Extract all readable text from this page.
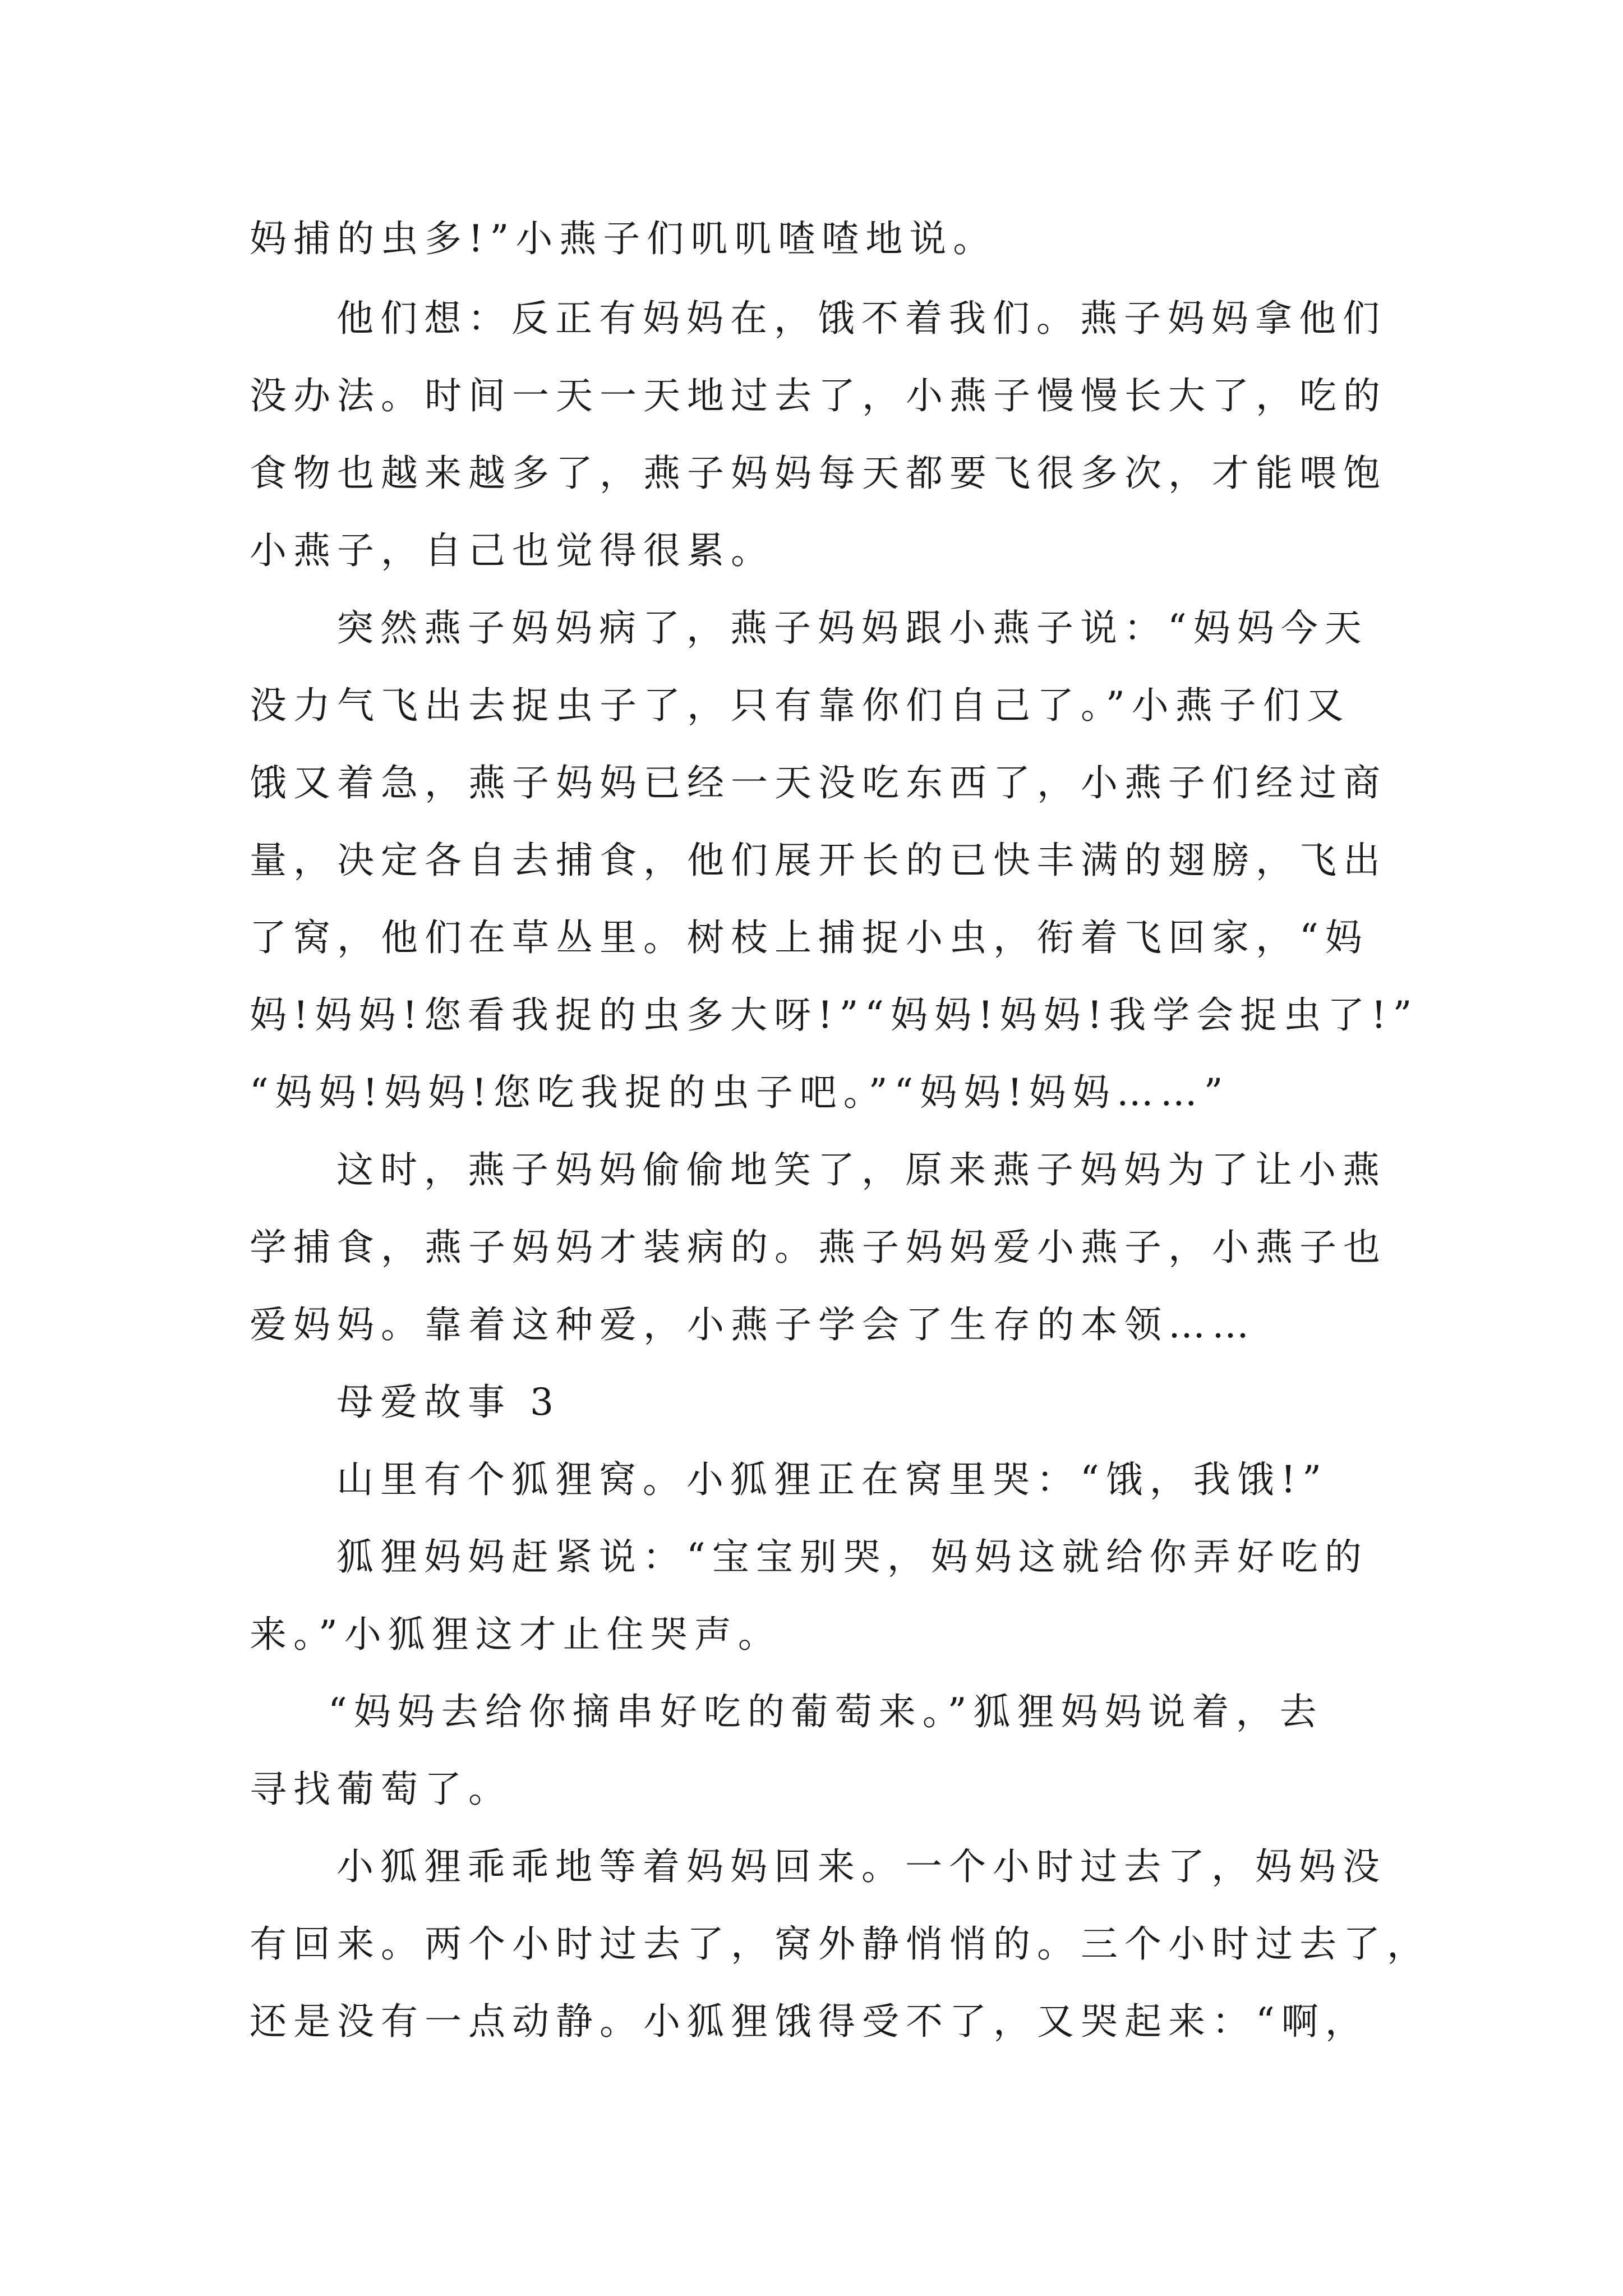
妈捕的虫多!”小燕子们叽叽喳喳地说。
他们想：反正有妈妈在，饿不着我们。燕子妈妈拿他们
没办法。时间一天一天地过去了，小燕子慢慢长大了，吃的
食物也越来越多了，燕子妈妈每天都要飞很多次，才能喂饱
小燕子，自己也觉得很累。
突然燕子妈妈病了，燕子妈妈跟小燕子说：“妈妈今天
没力气飞出去捉虫子了，只有靠你们自己了。”小燕子们又
饿又着急，燕子妈妈已经一天没吃东西了，小燕子们经过商
量，决定各自去捕食，他们展开长的已快丰满的翅膀，飞出
了窝，他们在草丛里。树枝上捕捉小虫，衔着飞回家，“妈
妈!妈妈!您看我捉的虫多大呀!”“妈妈!妈妈!我学会捉虫了!”
“妈妈!妈妈!您吃我捉的虫子吧。”“妈妈!妈妈……”
这时，燕子妈妈偷偷地笑了，原来燕子妈妈为了让小燕
学捕食，燕子妈妈才装病的。燕子妈妈爱小燕子，小燕子也
爱妈妈。靠着这种爱，小燕子学会了生存的本领……
母爱故事 3
山里有个狐狸窝。小狐狸正在窝里哭：“饿，我饿!”
狐狸妈妈赶紧说：“宝宝别哭，妈妈这就给你弄好吃的
来。”小狐狸这才止住哭声。
“妈妈去给你摘串好吃的葡萄来。”狐狸妈妈说着，去
寻找葡萄了。
小狐狸乖乖地等着妈妈回来。一个小时过去了，妈妈没
有回来。两个小时过去了，窝外静悄悄的。三个小时过去了，
还是没有一点动静。小狐狸饿得受不了，又哭起来：“啊，
